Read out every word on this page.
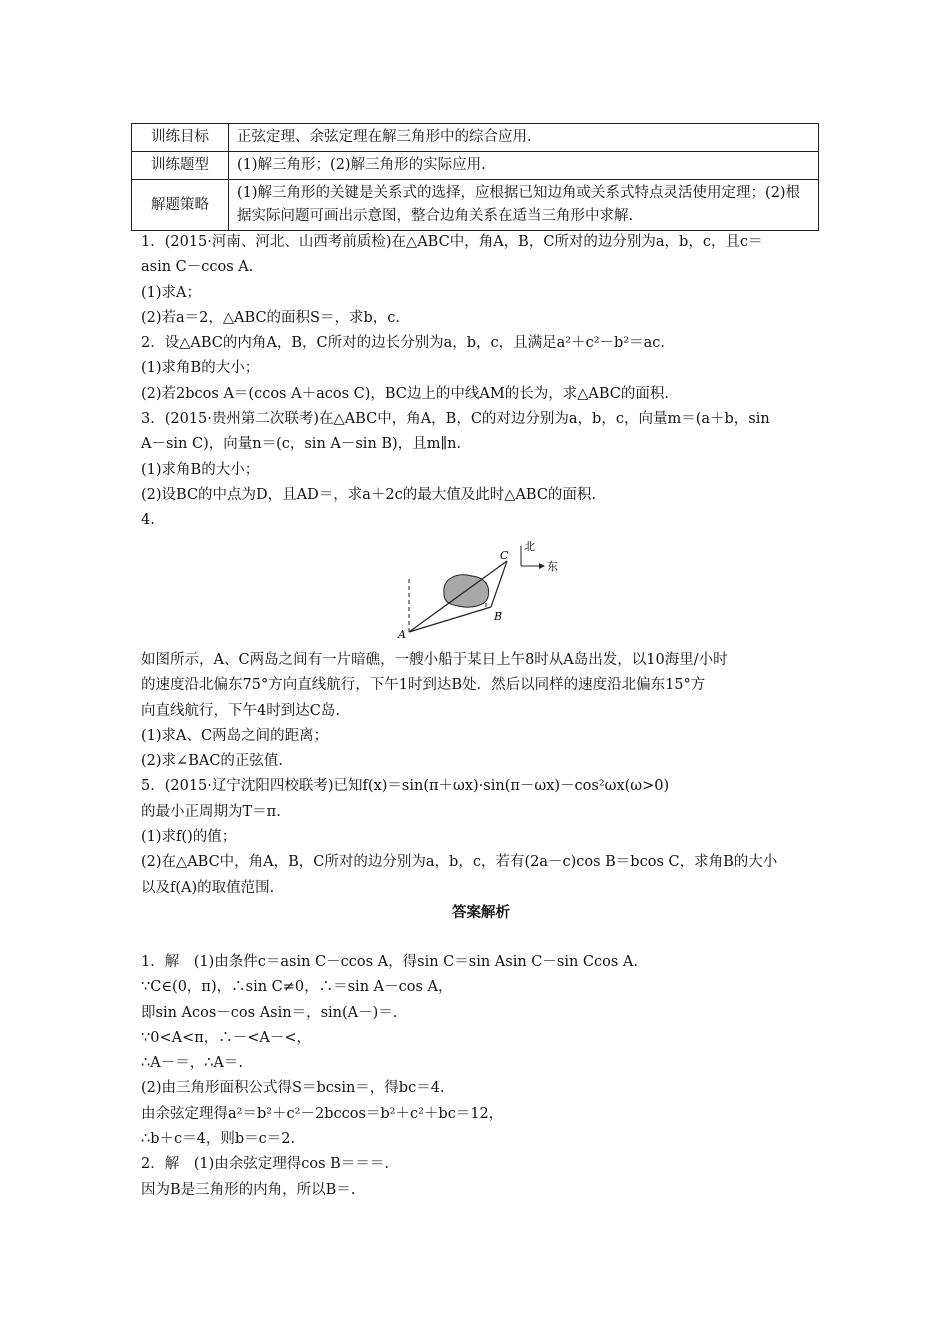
训练目标	正弦定理、余弦定理在解三角形中的综合应用.
训练题型	(1)解三角形；(2)解三角形的实际应用.
解题策略	(1)解三角形的关键是关系式的选择，应根据已知边角或关系式特点灵活使用定理；(2)根据实际问题可画出示意图，整合边角关系在适当三角形中求解.
1．(2015·河南、河北、山西考前质检)在△ABC中，角A，B，C所对的边分别为a，b，c，且c＝
asin C－ccos A.
(1)求A；
(2)若a＝2，△ABC的面积S＝，求b，c.
2．设△ABC的内角A，B，C所对的边长分别为a，b，c，且满足a²＋c²－b²＝ac.
(1)求角B的大小；
(2)若2bcos A＝(ccos A＋acos C)，BC边上的中线AM的长为，求△ABC的面积.
3．(2015·贵州第二次联考)在△ABC中，角A，B，C的对边分别为a，b，c，向量m＝(a＋b，sin
A－sin C)，向量n＝(c，sin A－sin B)，且m∥n.
(1)求角B的大小；
(2)设BC的中点为D，且AD＝，求a＋2c的最大值及此时△ABC的面积.
4.
北
东
A
B
C
如图所示，A、C两岛之间有一片暗礁，一艘小船于某日上午8时从A岛出发，以10海里/小时
的速度沿北偏东75°方向直线航行，下午1时到达B处．然后以同样的速度沿北偏东15°方
向直线航行，下午4时到达C岛.
(1)求A、C两岛之间的距离；
(2)求∠BAC的正弦值.
5．(2015·辽宁沈阳四校联考)已知f(x)＝sin(π＋ωx)·sin(π－ωx)－cos²ωx(ω>0)
的最小正周期为T＝π.
(1)求f()的值；
(2)在△ABC中，角A，B，C所对的边分别为a，b，c，若有(2a－c)cos B＝bcos C，求角B的大小
以及f(A)的取值范围.
答案解析
1．解　(1)由条件c＝asin C－ccos A，得sin C＝sin Asin C－sin Ccos A.
∵C∈(0，π)，∴sin C≠0，∴＝sin A－cos A，
即sin Acos－cos Asin＝，sin(A－)＝.
∵0<A<π，∴－<A－<，
∴A－＝，∴A＝.
(2)由三角形面积公式得S＝bcsin＝，得bc＝4.
由余弦定理得a²＝b²＋c²－2bccos＝b²＋c²＋bc＝12，
∴b＋c＝4，则b＝c＝2.
2．解　(1)由余弦定理得cos B＝＝＝.
因为B是三角形的内角，所以B＝.
